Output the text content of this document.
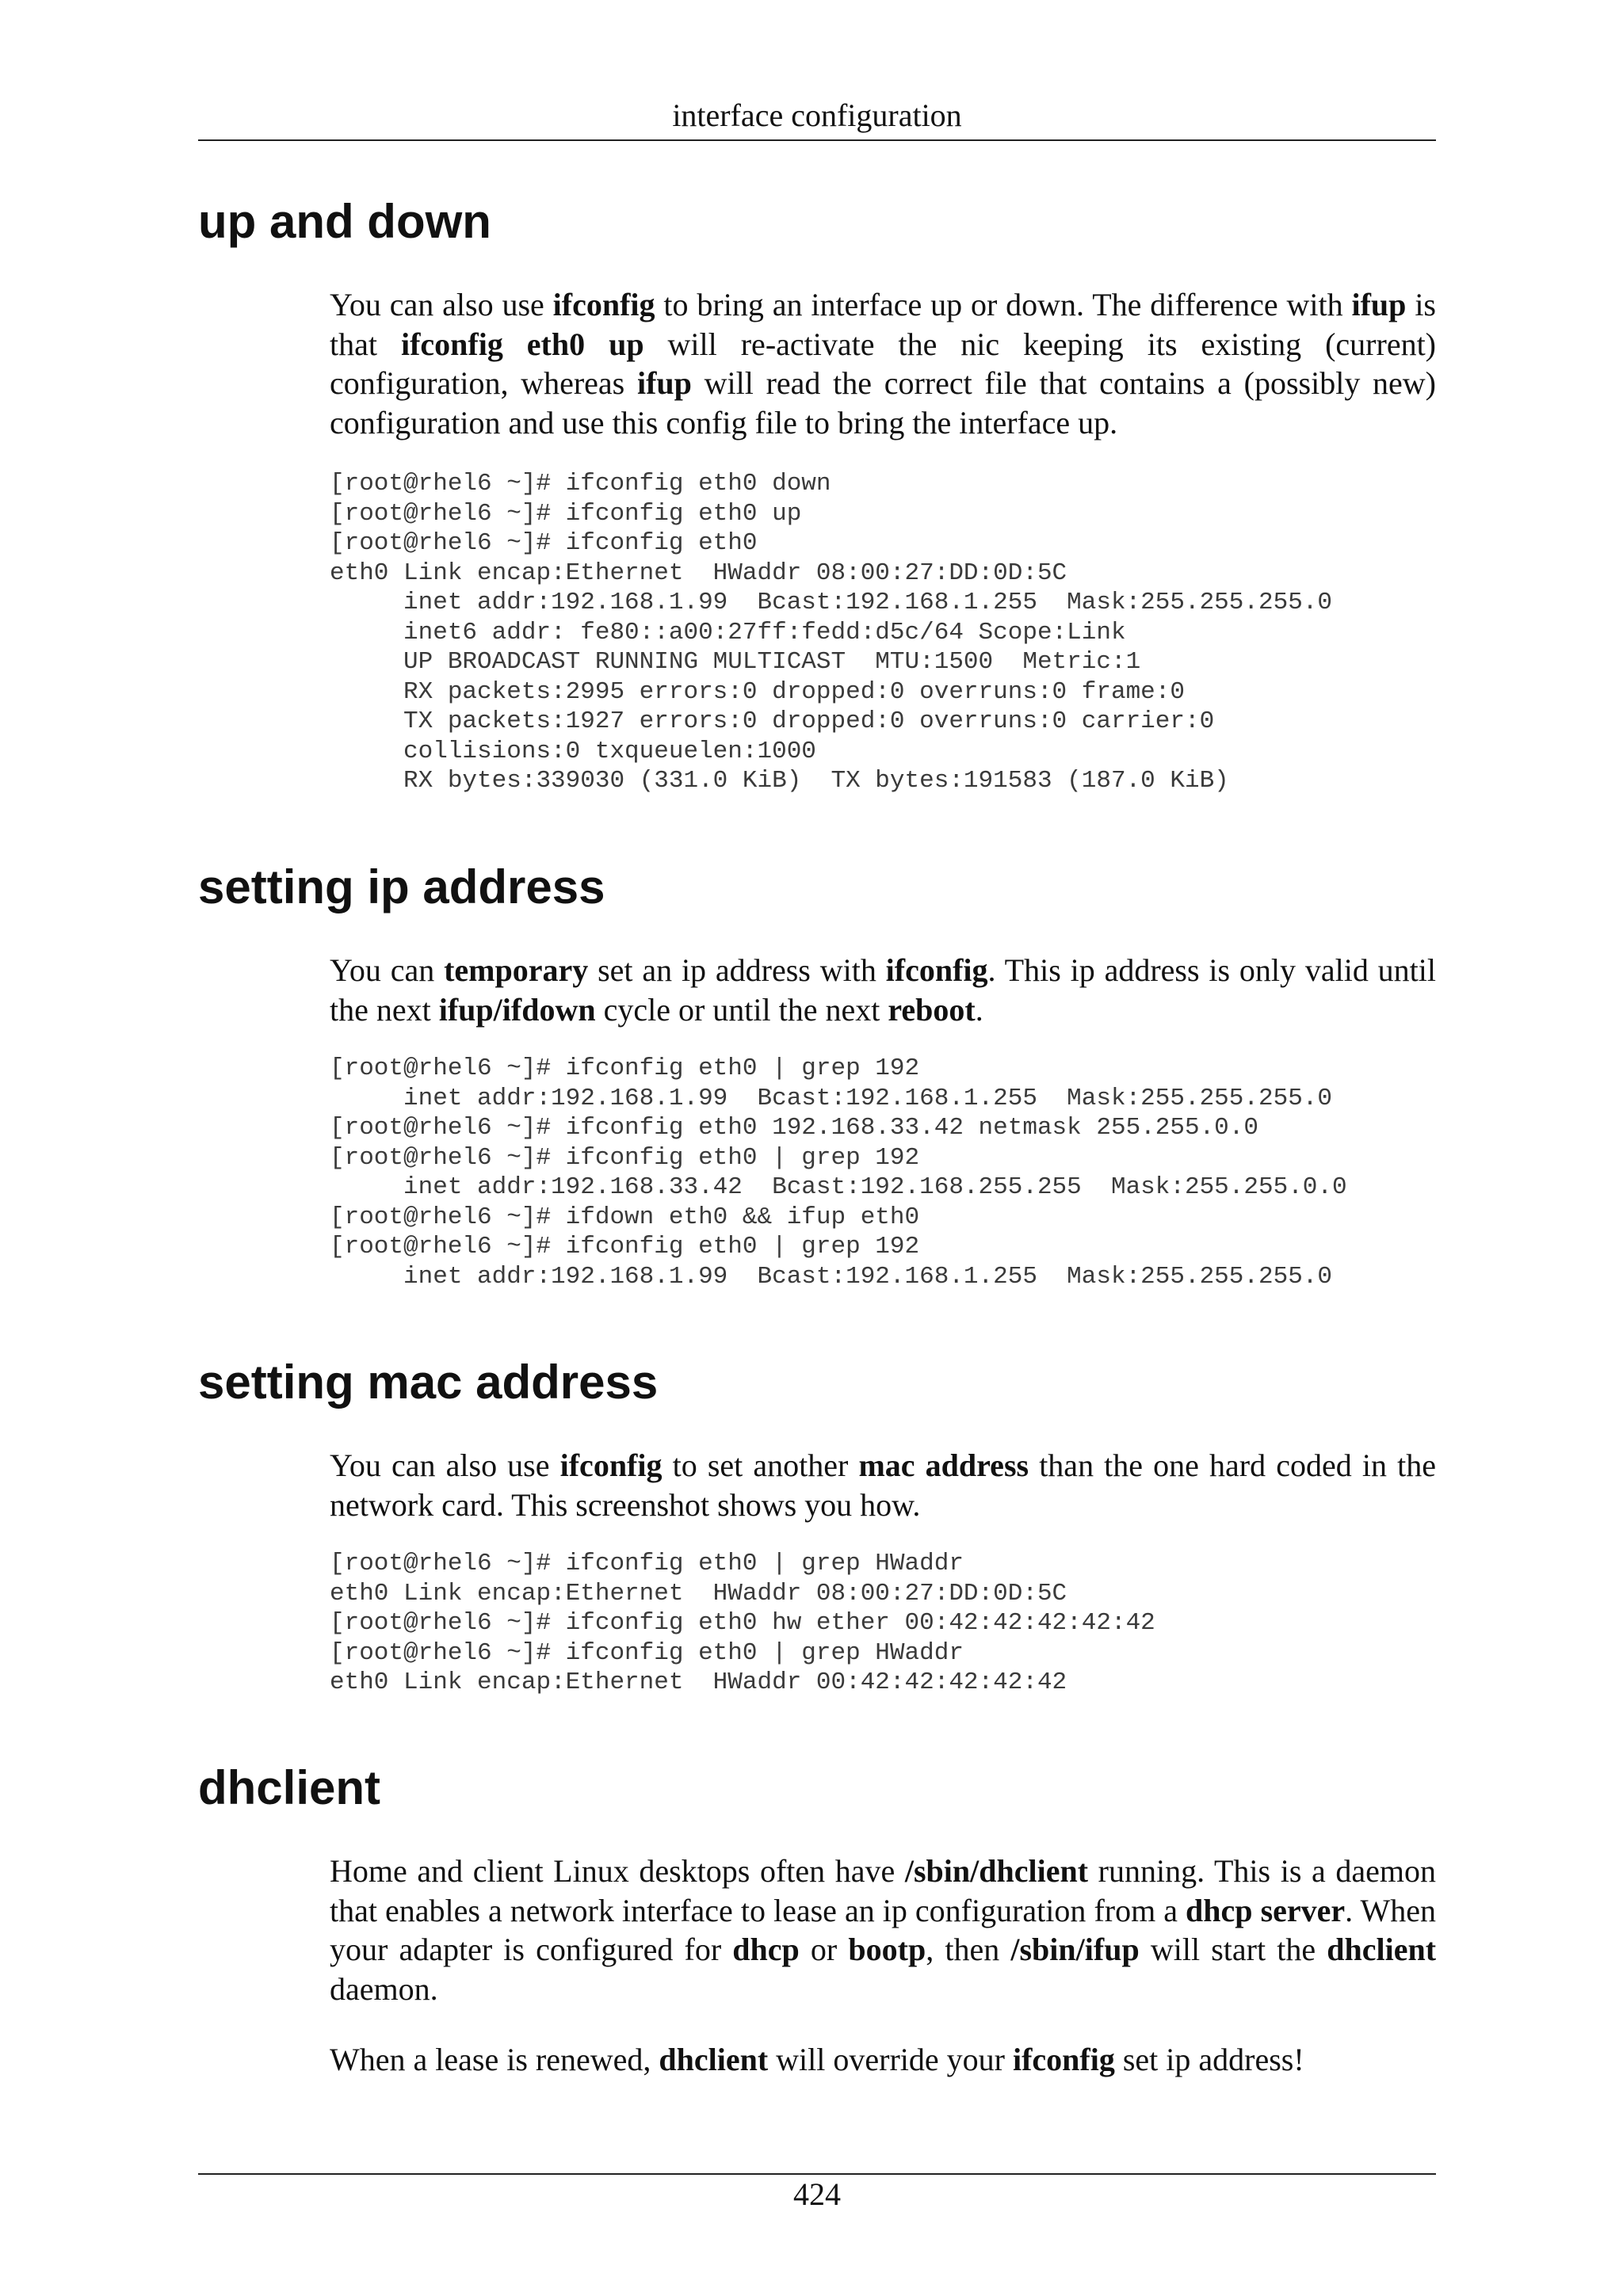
interface configuration
up and down

You can also use ifconfig to bring an interface up or down. The difference with ifup is that ifconfig eth0 up will re-activate the nic keeping its existing (current) configuration, whereas ifup will read the correct file that contains a (possibly new) configuration and use this config file to bring the interface up.

[root@rhel6 ~]# ifconfig eth0 down
[root@rhel6 ~]# ifconfig eth0 up
[root@rhel6 ~]# ifconfig eth0
eth0 Link encap:Ethernet  HWaddr 08:00:27:DD:0D:5C
inet addr:192.168.1.99  Bcast:192.168.1.255  Mask:255.255.255.0
inet6 addr: fe80::a00:27ff:fedd:d5c/64 Scope:Link
UP BROADCAST RUNNING MULTICAST  MTU:1500  Metric:1
RX packets:2995 errors:0 dropped:0 overruns:0 frame:0
TX packets:1927 errors:0 dropped:0 overruns:0 carrier:0
collisions:0 txqueuelen:1000
RX bytes:339030 (331.0 KiB)  TX bytes:191583 (187.0 KiB)
setting ip address

You can temporary set an ip address with ifconfig. This ip address is only valid until the next ifup/ifdown cycle or until the next reboot.

[root@rhel6 ~]# ifconfig eth0 | grep 192
inet addr:192.168.1.99  Bcast:192.168.1.255  Mask:255.255.255.0
[root@rhel6 ~]# ifconfig eth0 192.168.33.42 netmask 255.255.0.0
[root@rhel6 ~]# ifconfig eth0 | grep 192
inet addr:192.168.33.42  Bcast:192.168.255.255  Mask:255.255.0.0
[root@rhel6 ~]# ifdown eth0 && ifup eth0
[root@rhel6 ~]# ifconfig eth0 | grep 192
inet addr:192.168.1.99  Bcast:192.168.1.255  Mask:255.255.255.0
setting mac address

You can also use ifconfig to set another mac address than the one hard coded in the network card. This screenshot shows you how.

[root@rhel6 ~]# ifconfig eth0 | grep HWaddr
eth0 Link encap:Ethernet  HWaddr 08:00:27:DD:0D:5C
[root@rhel6 ~]# ifconfig eth0 hw ether 00:42:42:42:42:42
[root@rhel6 ~]# ifconfig eth0 | grep HWaddr
eth0 Link encap:Ethernet  HWaddr 00:42:42:42:42:42
dhclient

Home and client Linux desktops often have /sbin/dhclient running. This is a daemon that enables a network interface to lease an ip configuration from a dhcp server. When your adapter is configured for dhcp or bootp, then /sbin/ifup will start the dhclient daemon.

When a lease is renewed, dhclient will override your ifconfig set ip address!

424
